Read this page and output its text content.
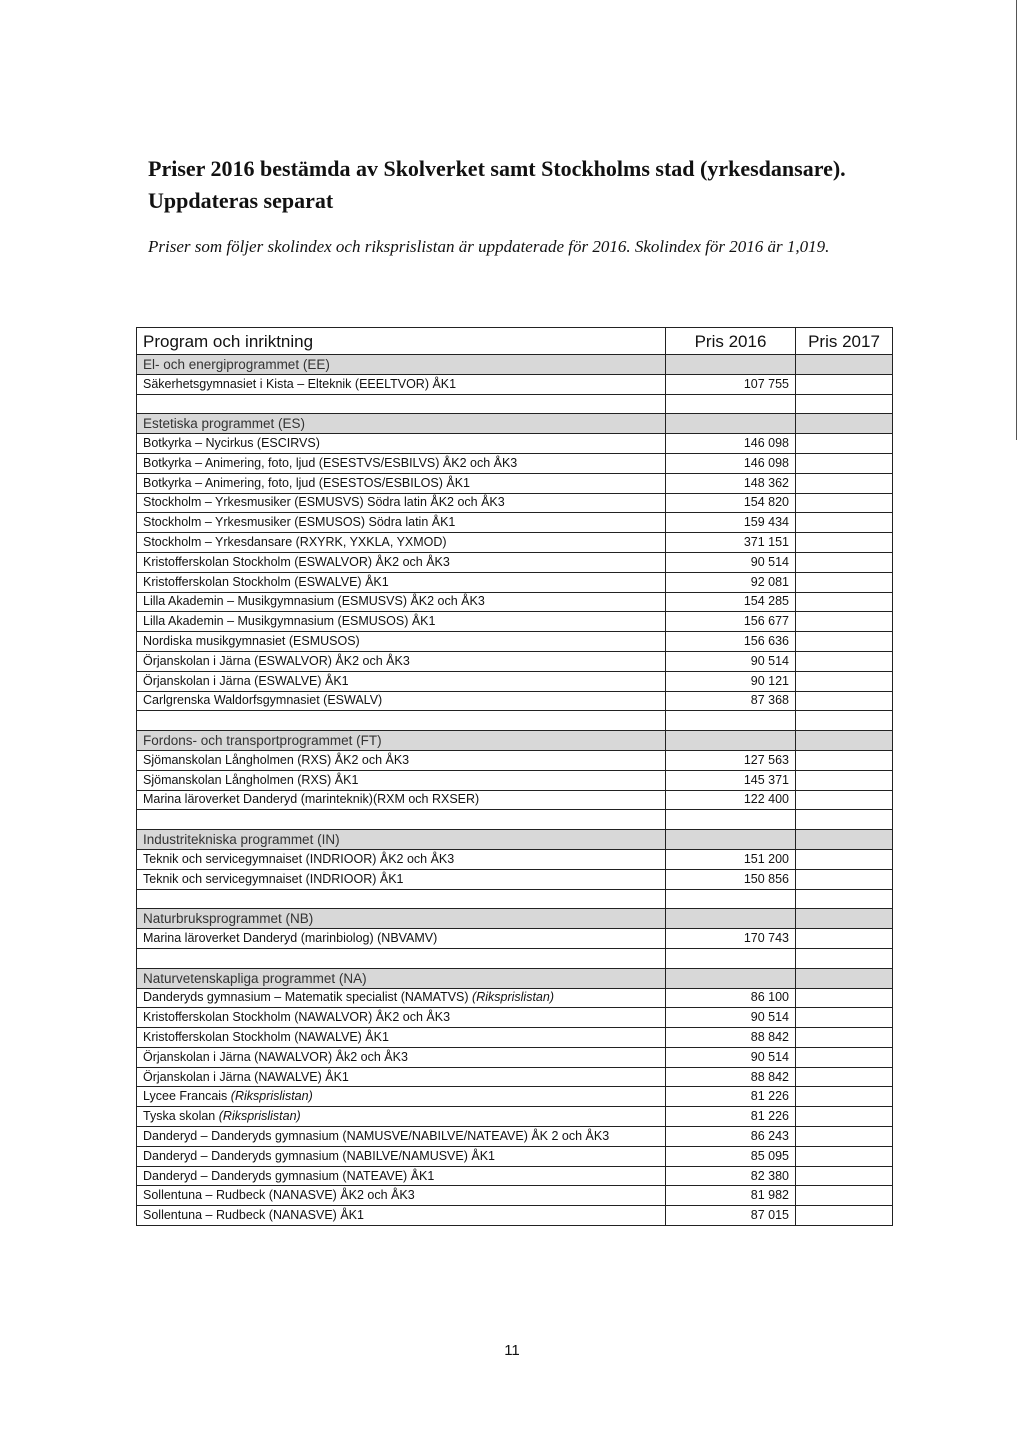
Priser 2016 bestämda av Skolverket samt Stockholms stad (yrkesdansare). Uppdateras separat

Priser som följer skolindex och riksprislistan är uppdaterade för 2016. Skolindex för 2016 är 1,019.

Program och inriktning	Pris 2016	Pris 2017
El- och energiprogrammet (EE)		
Säkerhetsgymnasiet i Kista – Elteknik (EEELTVOR) ÅK1	107 755	

Estetiska programmet (ES)		
Botkyrka – Nycirkus (ESCIRVS)	146 098	
Botkyrka – Animering, foto, ljud (ESESTVS/ESBILVS) ÅK2 och ÅK3	146 098	
Botkyrka – Animering, foto, ljud (ESESTOS/ESBILOS) ÅK1	148 362	
Stockholm – Yrkesmusiker (ESMUSVS) Södra latin ÅK2 och ÅK3	154 820	
Stockholm – Yrkesmusiker (ESMUSOS) Södra latin ÅK1	159 434	
Stockholm – Yrkesdansare (RXYRK, YXKLA, YXMOD)	371 151	
Kristofferskolan Stockholm (ESWALVOR) ÅK2 och ÅK3	90 514	
Kristofferskolan Stockholm (ESWALVE) ÅK1	92 081	
Lilla Akademin – Musikgymnasium (ESMUSVS) ÅK2 och ÅK3	154 285	
Lilla Akademin – Musikgymnasium (ESMUSOS) ÅK1	156 677	
Nordiska musikgymnasiet (ESMUSOS)	156 636	
Örjanskolan i Järna (ESWALVOR) ÅK2 och ÅK3	90 514	
Örjanskolan i Järna (ESWALVE) ÅK1	90 121	
Carlgrenska Waldorfsgymnasiet (ESWALV)	87 368	

Fordons- och transportprogrammet (FT)		
Sjömanskolan Långholmen (RXS) ÅK2 och ÅK3	127 563	
Sjömanskolan Långholmen (RXS) ÅK1	145 371	
Marina läroverket Danderyd (marinteknik)(RXM och RXSER)	122 400	

Industritekniska programmet (IN)		
Teknik och servicegymnaiset (INDRIOOR) ÅK2 och ÅK3	151 200	
Teknik och servicegymnaiset (INDRIOOR) ÅK1	150 856	

Naturbruksprogrammet (NB)		
Marina läroverket Danderyd (marinbiolog) (NBVAMV)	170 743	

Naturvetenskapliga programmet (NA)		
Danderyds gymnasium – Matematik specialist (NAMATVS) (Riksprislistan)	86 100	
Kristofferskolan Stockholm (NAWALVOR) ÅK2 och ÅK3	90 514	
Kristofferskolan Stockholm (NAWALVE) ÅK1	88 842	
Örjanskolan i Järna (NAWALVOR) Åk2 och ÅK3	90 514	
Örjanskolan i Järna (NAWALVE) ÅK1	88 842	
Lycee Francais (Riksprislistan)	81 226	
Tyska skolan (Riksprislistan)	81 226	
Danderyd – Danderyds gymnasium (NAMUSVE/NABILVE/NATEAVE) ÅK 2 och ÅK3	86 243	
Danderyd – Danderyds gymnasium (NABILVE/NAMUSVE) ÅK1	85 095	
Danderyd – Danderyds gymnasium (NATEAVE) ÅK1	82 380	
Sollentuna – Rudbeck (NANASVE) ÅK2 och ÅK3	81 982	
Sollentuna – Rudbeck (NANASVE) ÅK1	87 015	
11
